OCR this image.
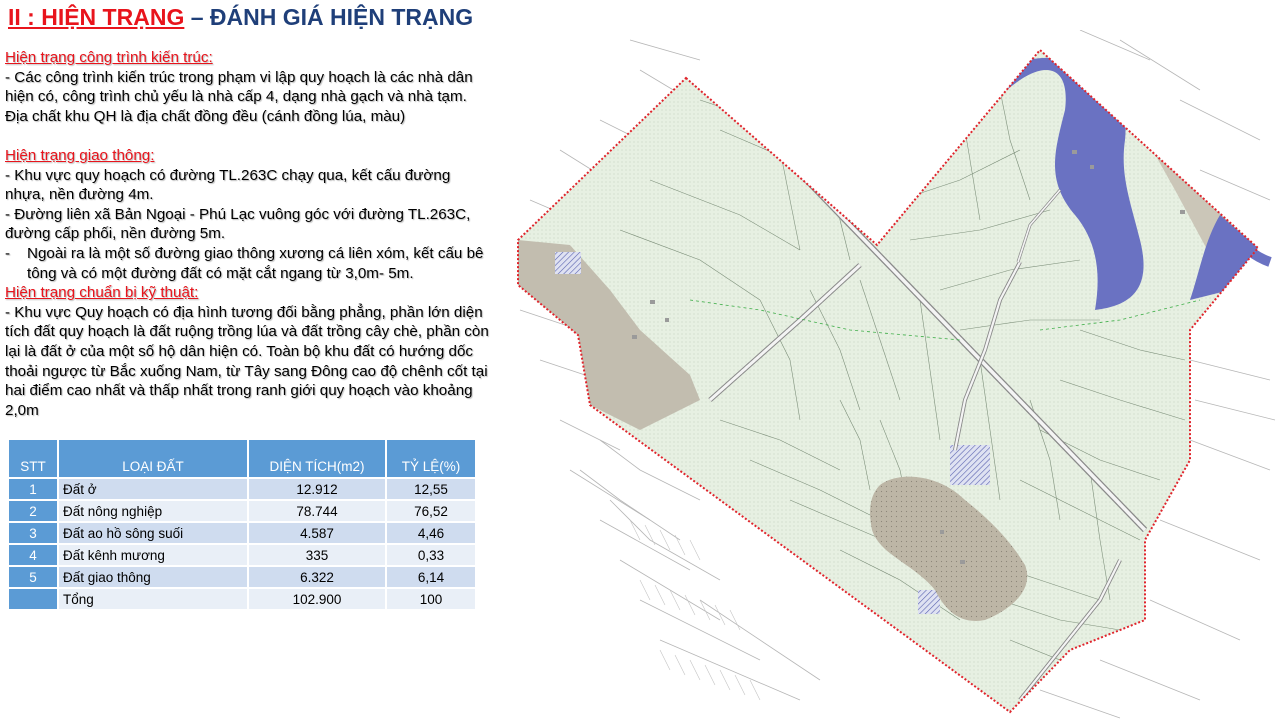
II : HIỆN TRẠNG – ĐÁNH GIÁ HIỆN TRẠNG
Hiện trạng công trình kiến trúc:

- Các công trình kiến trúc trong phạm vi lập quy hoạch là các nhà dân hiện có, công trình chủ yếu là nhà cấp 4, dạng nhà gạch và nhà tạm. Địa chất khu QH là địa chất đồng đều (cánh đồng lúa, màu)

Hiện trạng giao thông:

- Khu vực quy hoạch có đường TL.263C chạy qua, kết cấu đường nhựa, nền đường 4m.

- Đường liên xã Bản Ngoại - Phú Lạc vuông góc với đường TL.263C, đường cấp phối, nền đường 5m.

-	Ngoài ra là một số đường giao thông xương cá liên xóm, kết cấu bê tông và có một đường đất có mặt cắt ngang từ 3,0m- 5m.
Hiện trạng chuẩn bị kỹ thuật:

- Khu vực Quy hoạch có địa hình tương đối bằng phẳng, phần lớn diện tích đất quy hoạch là đất ruộng trồng lúa và đất trồng cây chè, phần còn lại là đất ở của một số hộ dân hiện có. Toàn bộ khu đất có hướng dốc thoải ngược từ Bắc xuống Nam, từ Tây sang Đông cao độ chênh cốt tại hai điểm cao nhất và thấp nhất trong ranh giới quy hoạch vào khoảng 2,0m

STT	LOẠI ĐẤT	DIỆN TÍCH(m2)	TỶ LỆ(%)
1	Đất ở	12.912	12,55
2	Đất nông nghiệp	78.744	76,52
3	Đất ao hồ sông suối	4.587	4,46
4	Đất kênh mương	335	0,33
5	Đất giao thông	6.322	6,14
	Tổng	102.900	100
